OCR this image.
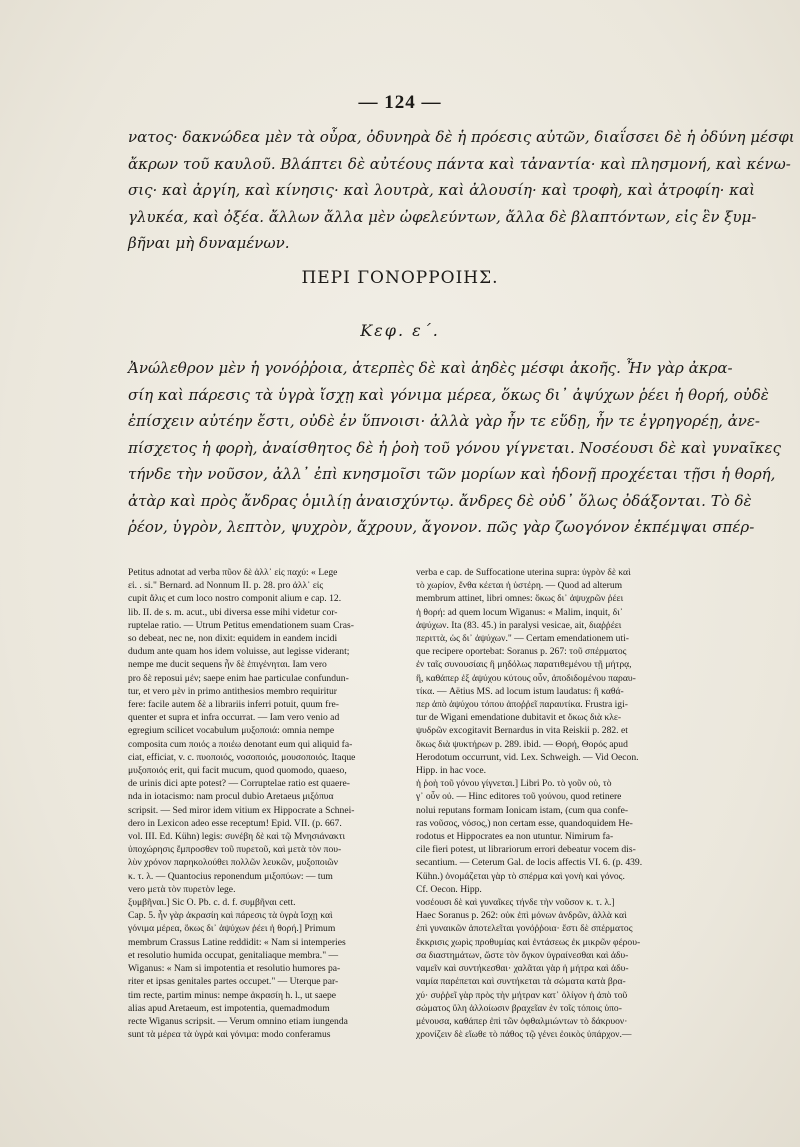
— 124 —
νατος· δακνώδεα μὲν τὰ οὖρα, ὀδυνηρὰ δὲ ἡ πρόεσις αὐτῶν, διαΐσσει δὲ ἡ ὀδύνη μέσφι
ἄκρων τοῦ καυλοῦ. Βλάπτει δὲ αὐτέους πάντα καὶ τἀναντία· καὶ πλησμονή, καὶ κένω-
σις· καὶ ἀργίη, καὶ κίνησις· καὶ λουτρὰ, καὶ ἀλουσίη· καὶ τροφὴ, καὶ ἀτροφίη· καὶ
γλυκέα, καὶ ὀξέα. ἄλλων ἄλλα μὲν ὠφελεύντων, ἄλλα δὲ βλαπτόντων, εἰς ἓν ξυμ-
βῆναι μὴ δυναμένων.
ΠΕΡΙ ΓΟΝΟΡΡΟΙΗΣ.
Κεφ. ε΄.
Ἀνώλεθρον μὲν ἡ γονόῤῥοια, ἀτερπὲς δὲ καὶ ἀηδὲς μέσφι ἀκοῆς. Ἦν γὰρ ἀκρα-
σίη καὶ πάρεσις τὰ ὑγρὰ ἴσχῃ καὶ γόνιμα μέρεα, ὅκως δι᾽ ἀψύχων ῥέει ἡ θορή, οὐδὲ
ἐπίσχειν αὐτέην ἔστι, οὐδὲ ἐν ὕπνοισι· ἀλλὰ γὰρ ἦν τε εὕδῃ, ἦν τε ἐγρηγορέῃ, ἀνε-
πίσχετος ἡ φορὴ, ἀναίσθητος δὲ ἡ ῥοὴ τοῦ γόνου γίγνεται. Νοσέουσι δὲ καὶ γυναῖκες
τήνδε τὴν νοῦσον, ἀλλ᾽ ἐπὶ κνησμοῖσι τῶν μορίων καὶ ἡδονῇ προχέεται τῇσι ἡ θορή,
ἀτὰρ καὶ πρὸς ἄνδρας ὁμιλίῃ ἀναισχύντῳ. ἄνδρες δὲ οὐδ᾽ ὅλως ὀδάξονται. Τὸ δὲ
ῥέον, ὑγρὸν, λεπτὸν, ψυχρὸν, ἄχρουν, ἄγονον. πῶς γὰρ ζωογόνον ἐκπέμψαι σπέρ-
Petitus adnotat ad verba πῦον δὲ ἀλλ᾽ εἰς παχύ: « Lege
εἰ. . si." Bernard. ad Nonnum II. p. 28. pro ἀλλ᾽ εἰς
cupit ἄλις et cum loco nostro componit alium e cap. 12.
lib. II. de s. m. acut., ubi diversa esse mihi videtur cor-
ruptelae ratio. — Utrum Petitus emendationem suam Cras-
so debeat, nec ne, non dixit: equidem in eandem incidi
dudum ante quam hos idem voluisse, aut legisse viderant;
nempe me ducit sequens ἦν δὲ ἐπιγένηται. Iam vero
pro δὲ reposui μέν; saepe enim hae particulae confundun-
tur, et vero μὲν in primo antithesios membro requiritur
fere: facile autem δὲ a librariis inferri potuit, quum fre-
quenter et supra et infra occurrat. — Iam vero venio ad
egregium scilicet vocabulum μυξοποιά: omnia nempe
composita cum ποιός a ποιέω denotant eum qui aliquid fa-
ciat, efficiat, v. c. πυοποιός, νοσοποιός, μουσοποιός. Itaque
μυξοποιός erit, qui facit mucum, quod quomodo, quaeso,
de urinis dici apte potest? — Corruptelae ratio est quaere-
nda in iotacismo: nam procul dubio Aretaeus μιξόπυα
scripsit. — Sed miror idem vitium ex Hippocrate a Schnei-
dero in Lexicon adeo esse receptum! Epid. VII. (p. 667.
vol. III. Ed. Kühn) legis: συνέβη δὲ καὶ τῷ Μνησιάνακτι
ὑποχώρησις ἔμπροσθεν τοῦ πυρετοῦ, καὶ μετὰ τὸν που-
λὺν χρόνον παρηκολούθει πολλῶν λευκῶν, μυξοποιῶν
κ. τ. λ. — Quantocius reponendum μιξοπύων: — tum
vero μετὰ τὸν πυρετὸν lege.
ξυμβῆναι.] Sic O. Pb. c. d. f. συμβῆναι cett.
Cap. 5. ἦν γὰρ ἀκρασίη καὶ πάρεσις τὰ ὑγρὰ ἴσχῃ καὶ
γόνιμα μέρεα, ὅκως δι᾽ ἀψύχων ῥέει ἡ θορή.] Primum
membrum Crassus Latine reddidit: « Nam si intemperies
et resolutio humida occupat, genitaliaque membra." —
Wiganus: « Nam si impotentia et resolutio humores pa-
riter et ipsas genitales partes occupet." — Uterque par-
tim recte, partim minus: nempe ἀκρασίη h. l., ut saepe
alias apud Aretaeum, est impotentia, quemadmodum
recte Wiganus scripsit. — Verum omnino etiam iungenda
sunt τὰ μέρεα τὰ ὑγρὰ καὶ γόνιμα: modo conferamus
verba e cap. de Suffocatione uterina supra: ὑγρὸν δὲ καὶ
τὸ χωρίον, ἔνθα κέεται ἡ ὑστέρη. — Quod ad alterum
membrum attinet, libri omnes: ὅκως δι᾽ ἀψυχρῶν ῥέει
ἡ θορή: ad quem locum Wiganus: « Malim, inquit, δι᾽
ἀψύχων. Ita (83. 45.) in paralysi vesicae, ait, διαῤῥέει
περιττὰ, ὡς δι᾽ ἀψύχων." — Certam emendationem uti-
que recipere oportebat: Soranus p. 267: τοῦ σπέρματος
ἐν ταῖς συνουσίαις ἢ μηδόλως παρατιθεμένου τῇ μήτρᾳ,
ἢ, καθάπερ ἐξ ἀψύχου κύτους οὖν, ἀποδιδομένου παραυ-
τίκα. — Aëtius MS. ad locum istum laudatus: ἢ καθά-
περ ἀπὸ ἀψύχου τόπου ἀποῤῥεῖ παραυτίκα. Frustra igi-
tur de Wigani emendatione dubitavit et ὅκως διὰ κλε-
ψυδρῶν excogitavit Bernardus in vita Reiskii p. 282. et
ὅκως διὰ ψυκτήρων p. 289. ibid. — Θορή, Θορός apud
Herodotum occurrunt, vid. Lex. Schweigh. — Vid Oecon.
Hipp. in hac voce.
ἡ ῥοὴ τοῦ γόνου γίγνεται.] Libri Po. τὸ γοῦν οὐ, τὸ
γ᾽ οὖν οὐ. — Hinc editores τοῦ γούνου, quod retinere
nolui reputans formam Ionicam istam, (cum qua confe-
ras νοῦσος, νόσος,) non certam esse, quandoquidem He-
rodotus et Hippocrates ea non utuntur. Nimirum fa-
cile fieri potest, ut librariorum errori debeatur vocem dis-
secantium. — Ceterum Gal. de locis affectis VI. 6. (p. 439.
Kühn.) ὀνομάζεται γὰρ τὸ σπέρμα καὶ γονὴ καὶ γόνος.
Cf. Oecon. Hipp.
νοσέουσι δὲ καὶ γυναῖκες τήνδε τὴν νοῦσον κ. τ. λ.]
Haec Soranus p. 262: οὐκ ἐπὶ μόνων ἀνδρῶν, ἀλλὰ καὶ
ἐπὶ γυναικῶν ἀποτελεῖται γονόῤῥοια· ἔστι δὲ σπέρματος
ἔκκρισις χωρὶς προθυμίας καὶ ἐντάσεως ἐκ μικρῶν φέρου-
σα διαστημάτων, ὥστε τὸν ὄγκον ὑγραίνεσθαι καὶ ἀδυ-
ναμεῖν καὶ συντήκεσθαι· χαλᾶται γὰρ ἡ μήτρα καὶ ἀδυ-
ναμία παρέπεται καὶ συντήκεται τὰ σώματα κατὰ βρα-
χύ· συῤῥεῖ γὰρ πρὸς τὴν μήτραν κατ᾽ ὀλίγον ἡ ἀπὸ τοῦ
σώματος ὕλη ἀλλοίωσιν βραχεῖαν ἐν τοῖς τόποις ὑπο-
μένουσα, καθάπερ ἐπὶ τῶν ὀφθαλμιώντων τὸ δάκρυον·
χρονίζειν δὲ εἴωθε τὸ πάθος τῷ γένει ἐοικὸς ὑπάρχον.—
